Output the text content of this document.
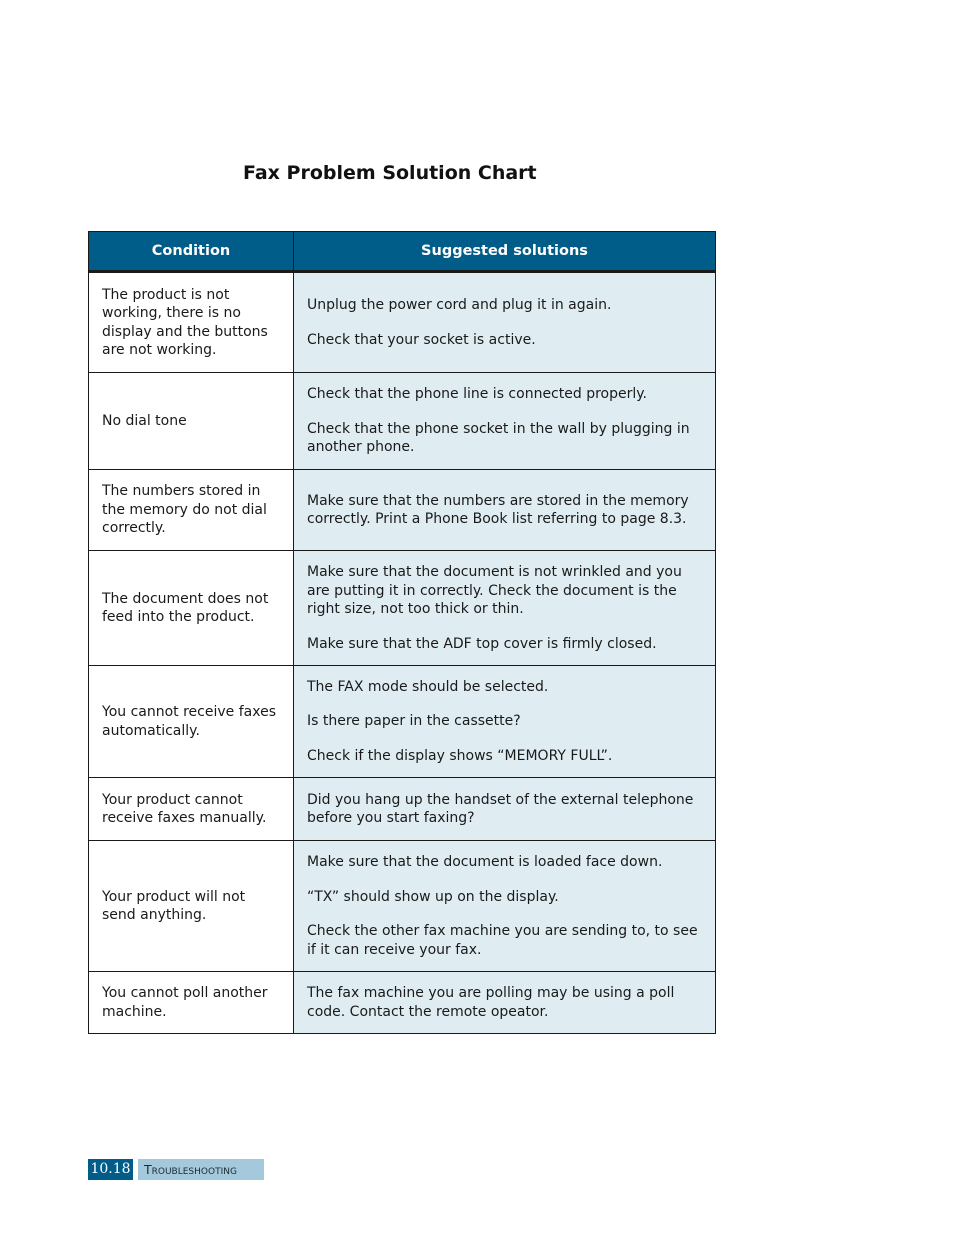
Fax Problem Solution Chart
Condition	Suggested solutions
The product is not working, there is no display and the buttons are not working.	Unplug the power cord and plug it in again.

Check that your socket is active.

No dial tone	Check that the phone line is connected properly.

Check that the phone socket in the wall by plugging in another phone.

The numbers stored in the memory do not dial correctly.	Make sure that the numbers are stored in the memory correctly. Print a Phone Book list referring to page 8.3.

The document does not feed into the product.	Make sure that the document is not wrinkled and you are putting it in correctly. Check the document is the right size, not too thick or thin.

Make sure that the ADF top cover is firmly closed.

You cannot receive faxes automatically.	The FAX mode should be selected.

Is there paper in the cassette?

Check if the display shows “MEMORY FULL”.

Your product cannot receive faxes manually.	Did you hang up the handset of the external telephone before you start faxing?

Your product will not send anything.	Make sure that the document is loaded face down.

“TX” should show up on the display.

Check the other fax machine you are sending to, to see if it can receive your fax.

You cannot poll another machine.	The fax machine you are polling may be using a poll code. Contact the remote opeator.

10.18	Troubleshooting
